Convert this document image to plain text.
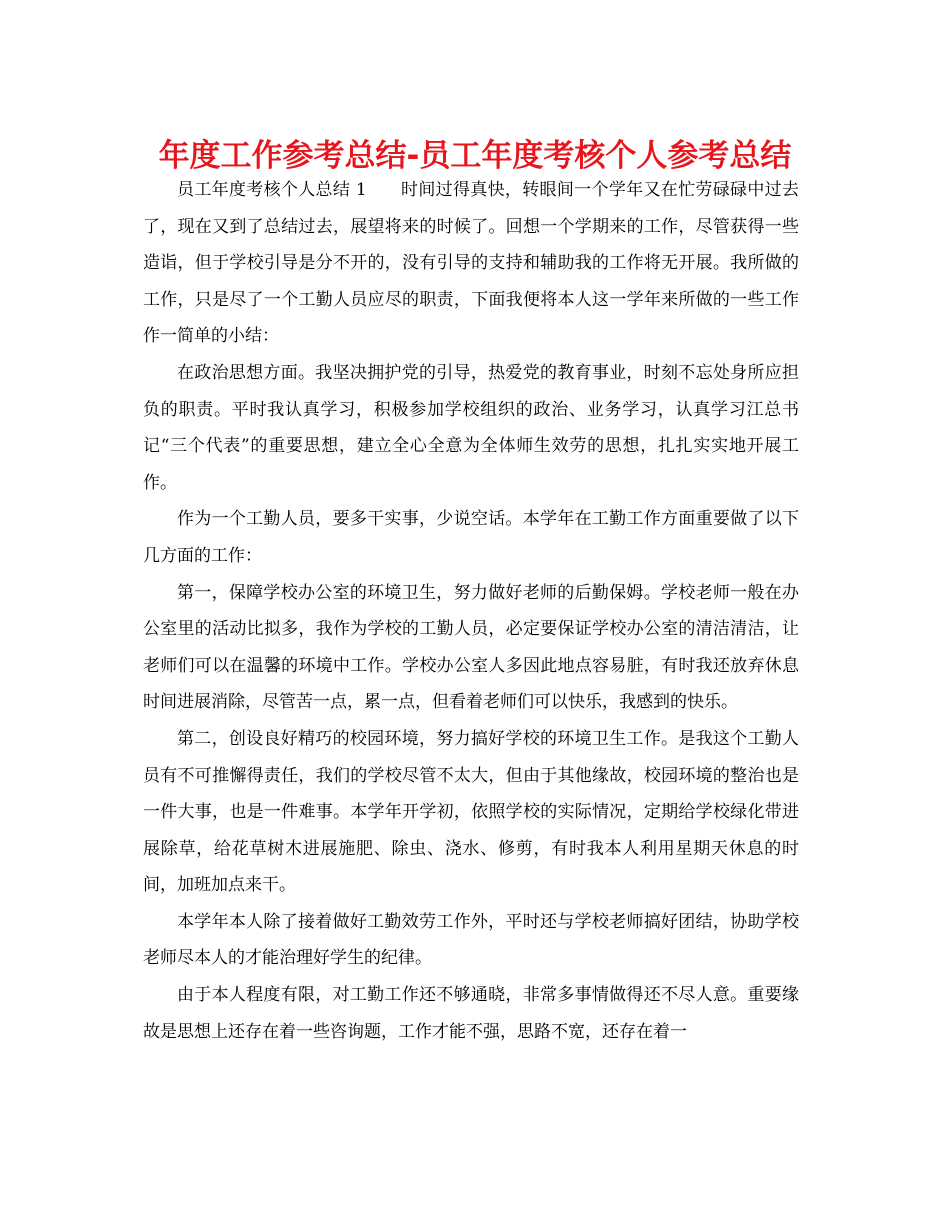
年度工作参考总结-员工年度考核个人参考总结

员工年度考核个人总结 1 时间过得真快，转眼间一个学年又在忙劳碌碌中过去了，现在又到了总结过去，展望将来的时候了。回想一个学期来的工作，尽管获得一些造诣，但于学校引导是分不开的，没有引导的支持和辅助我的工作将无开展。我所做的工作，只是尽了一个工勤人员应尽的职责，下面我便将本人这一学年来所做的一些工作作一简单的小结：

在政治思想方面。我坚决拥护党的引导，热爱党的教育事业，时刻不忘处身所应担负的职责。平时我认真学习，积极参加学校组织的政治、业务学习，认真学习江总书记“三个代表”的重要思想，建立全心全意为全体师生效劳的思想，扎扎实实地开展工作。

作为一个工勤人员，要多干实事，少说空话。本学年在工勤工作方面重要做了以下几方面的工作：

第一，保障学校办公室的环境卫生，努力做好老师的后勤保姆。学校老师一般在办公室里的活动比拟多，我作为学校的工勤人员，必定要保证学校办公室的清洁清洁，让老师们可以在温馨的环境中工作。学校办公室人多因此地点容易脏，有时我还放弃休息时间进展消除，尽管苦一点，累一点，但看着老师们可以快乐，我感到的快乐。

第二，创设良好精巧的校园环境，努力搞好学校的环境卫生工作。是我这个工勤人员有不可推懈得责任，我们的学校尽管不太大，但由于其他缘故，校园环境的整治也是一件大事，也是一件难事。本学年开学初，依照学校的实际情况，定期给学校绿化带进展除草，给花草树木进展施肥、除虫、浇水、修剪，有时我本人利用星期天休息的时间，加班加点来干。

本学年本人除了接着做好工勤效劳工作外，平时还与学校老师搞好团结，协助学校老师尽本人的才能治理好学生的纪律。

由于本人程度有限，对工勤工作还不够通晓，非常多事情做得还不尽人意。重要缘故是思想上还存在着一些咨询题，工作才能不强，思路不宽，还存在着一
